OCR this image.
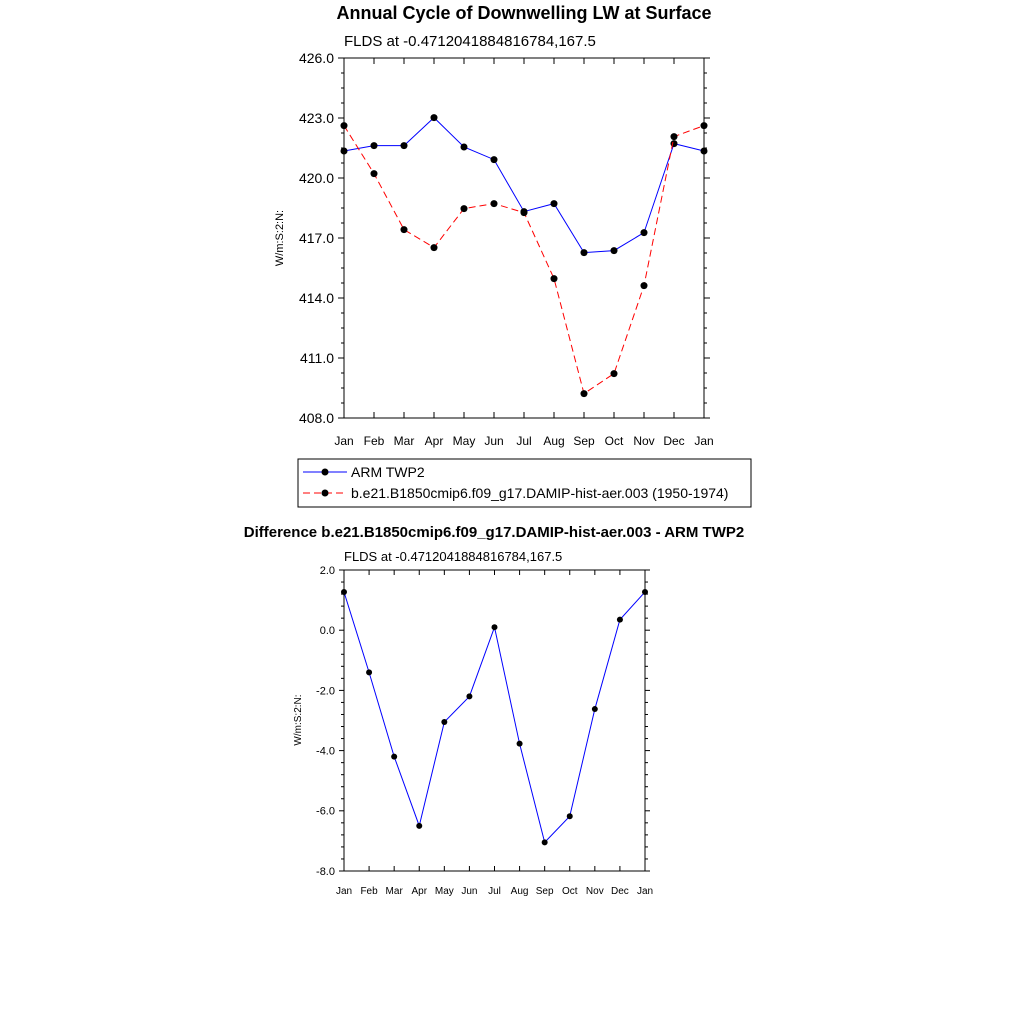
Annual Cycle of Downwelling LW at Surface
FLDS at -0.4712041884816784,167.5
W/m:S:2:N:
408.0
411.0
414.0
417.0
420.0
423.0
426.0
Jan Feb Mar Apr May Jun Jul Aug Sep Oct Nov Dec Jan
ARM TWP2
b.e21.B1850cmip6.f09_g17.DAMIP-hist-aer.003 (1950-1974)
Difference b.e21.B1850cmip6.f09_g17.DAMIP-hist-aer.003 - ARM TWP2
FLDS at -0.4712041884816784,167.5
W/m:S:2:N:
-8.0
-6.0
-4.0
-2.0
0.0
2.0
Jan Feb Mar Apr May Jun Jul Aug Sep Oct Nov Dec Jan
